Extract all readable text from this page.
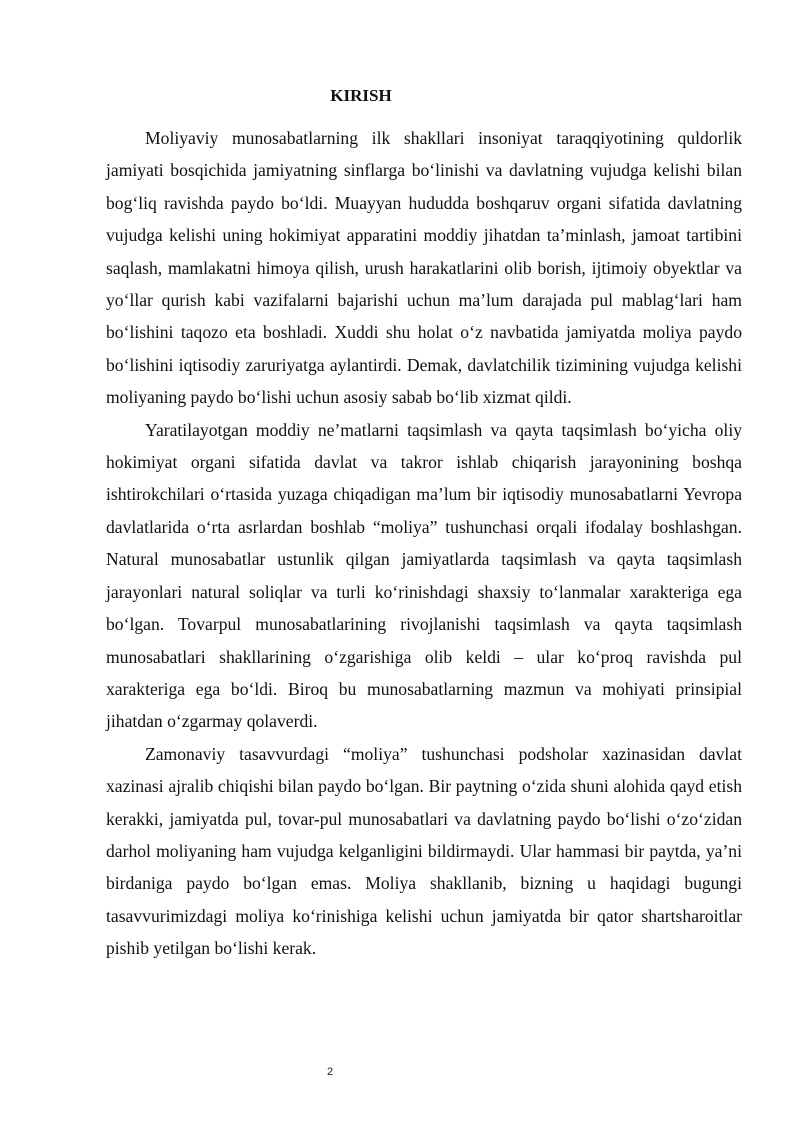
KIRISH

Moliyaviy munosabatlarning ilk shakllari insoniyat taraqqiyotining quldorlik jamiyati bosqichida jamiyatning sinflarga bo‘linishi va davlatning vujudga kelishi bilan bog‘liq ravishda paydo bo‘ldi. Muayyan hududda boshqaruv organi sifatida davlatning vujudga kelishi uning hokimiyat apparatini moddiy jihatdan ta’minlash, jamoat tartibini saqlash, mamlakatni himoya qilish, urush harakatlarini olib borish, ijtimoiy obyektlar va yo‘llar qurish kabi vazifalarni bajarishi uchun ma’lum darajada pul mablag‘lari ham bo‘lishini taqozo eta boshladi. Xuddi shu holat o‘z navbatida jamiyatda moliya paydo bo‘lishini iqtisodiy zaruriyatga aylantirdi. Demak, davlatchilik tizimining vujudga kelishi moliyaning paydo bo‘lishi uchun asosiy sabab bo‘lib xizmat qildi.

Yaratilayotgan moddiy ne’matlarni taqsimlash va qayta taqsimlash bo‘yicha oliy hokimiyat organi sifatida davlat va takror ishlab chiqarish jarayonining boshqa ishtirokchilari o‘rtasida yuzaga chiqadigan ma’lum bir iqtisodiy munosabatlarni Yevropa davlatlarida o‘rta asrlardan boshlab “moliya” tushunchasi orqali ifodalay boshlashgan. Natural munosabatlar ustunlik qilgan jamiyatlarda taqsimlash va qayta taqsimlash jarayonlari natural soliqlar va turli ko‘rinishdagi shaxsiy to‘lanmalar xarakteriga ega bo‘lgan. Tovarpul munosabatlarining rivojlanishi taqsimlash va qayta taqsimlash munosabatlari shakllarining o‘zgarishiga olib keldi – ular ko‘proq ravishda pul xarakteriga ega bo‘ldi. Biroq bu munosabatlarning mazmun va mohiyati prinsipial jihatdan o‘zgarmay qolaverdi.

Zamonaviy tasavvurdagi “moliya” tushunchasi podsholar xazinasidan davlat xazinasi ajralib chiqishi bilan paydo bo‘lgan. Bir paytning o‘zida shuni alohida qayd etish kerakki, jamiyatda pul, tovar-pul munosabatlari va davlatning paydo bo‘lishi o‘zo‘zidan darhol moliyaning ham vujudga kelganligini bildirmaydi. Ular hammasi bir paytda, ya’ni birdaniga paydo bo‘lgan emas. Moliya shakllanib, bizning u haqidagi bugungi tasavvurimizdagi moliya ko‘rinishiga kelishi uchun jamiyatda bir qator shartsharoitlar pishib yetilgan bo‘lishi kerak.

2
